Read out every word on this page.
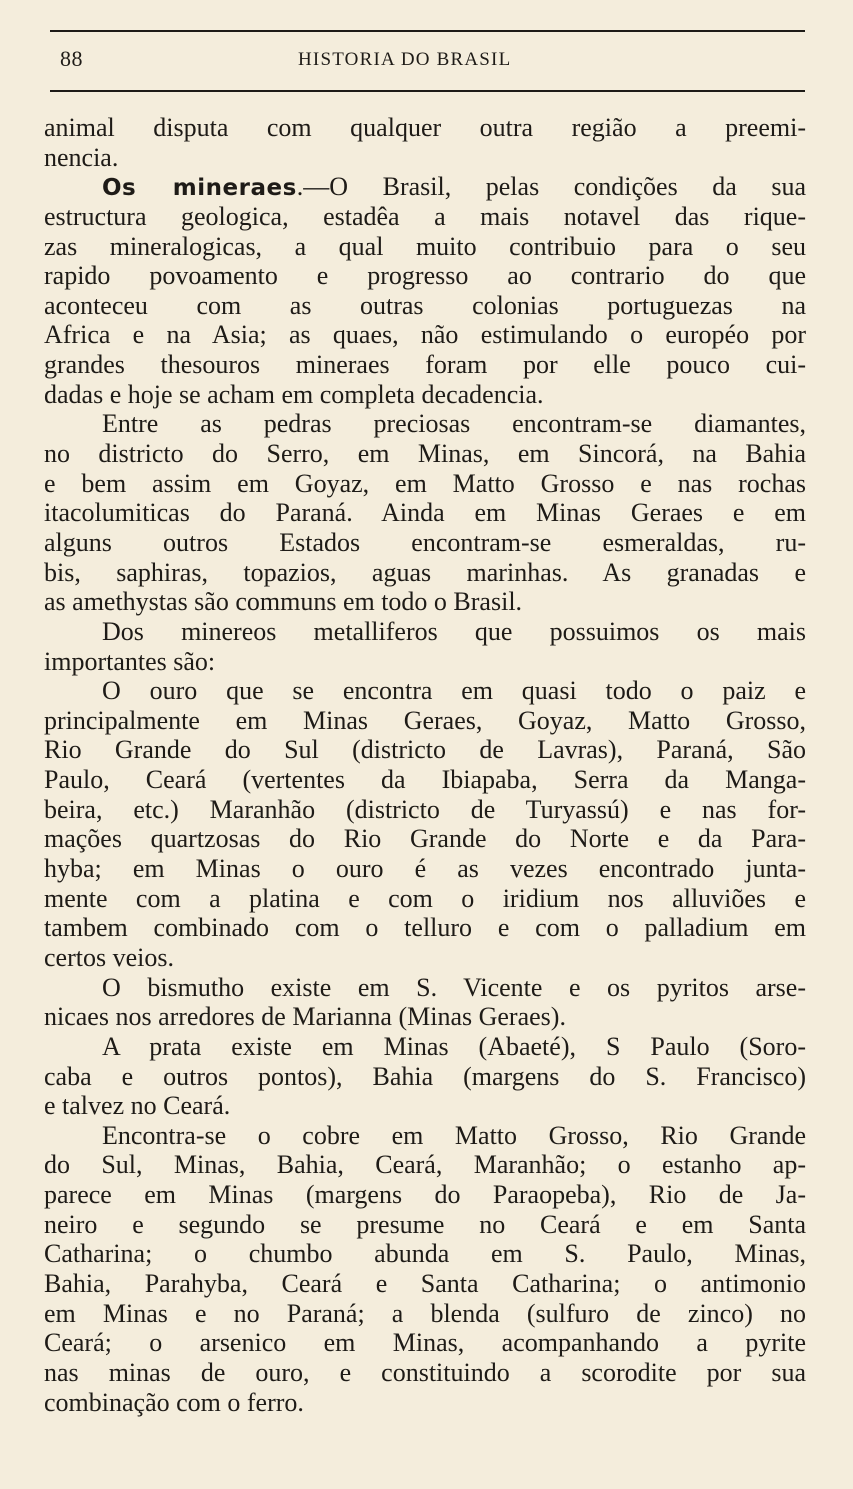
88	HISTORIA DO BRASIL
animal disputa com qualquer outra região a preemi-
nencia.
Os mineraes.—O Brasil, pelas condições da sua
estructura geologica, estadêa a mais notavel das rique-
zas mineralogicas, a qual muito contribuio para o seu
rapido povoamento e progresso ao contrario do que
aconteceu com as outras colonias portuguezas na
Africa e na Asia; as quaes, não estimulando o européo por
grandes thesouros mineraes foram por elle pouco cui-
dadas e hoje se acham em completa decadencia.
Entre as pedras preciosas encontram-se diamantes,
no districto do Serro, em Minas, em Sincorá, na Bahia
e bem assim em Goyaz, em Matto Grosso e nas rochas
itacolumiticas do Paraná. Ainda em Minas Geraes e em
alguns outros Estados encontram-se esmeraldas, ru-
bis, saphiras, topazios, aguas marinhas. As granadas e
as amethystas são communs em todo o Brasil.
Dos minereos metalliferos que possuimos os mais
importantes são:
O ouro que se encontra em quasi todo o paiz e
principalmente em Minas Geraes, Goyaz, Matto Grosso,
Rio Grande do Sul (districto de Lavras), Paraná, São
Paulo, Ceará (vertentes da Ibiapaba, Serra da Manga-
beira, etc.) Maranhão (districto de Turyassú) e nas for-
mações quartzosas do Rio Grande do Norte e da Para-
hyba; em Minas o ouro é as vezes encontrado junta-
mente com a platina e com o iridium nos alluviões e
tambem combinado com o telluro e com o palladium em
certos veios.
O bismutho existe em S. Vicente e os pyritos arse-
nicaes nos arredores de Marianna (Minas Geraes).
A prata existe em Minas (Abaeté), S Paulo (Soro-
caba e outros pontos), Bahia (margens do S. Francisco)
e talvez no Ceará.
Encontra-se o cobre em Matto Grosso, Rio Grande
do Sul, Minas, Bahia, Ceará, Maranhão; o estanho ap-
parece em Minas (margens do Paraopeba), Rio de Ja-
neiro e segundo se presume no Ceará e em Santa
Catharina; o chumbo abunda em S. Paulo, Minas,
Bahia, Parahyba, Ceará e Santa Catharina; o antimonio
em Minas e no Paraná; a blenda (sulfuro de zinco) no
Ceará; o arsenico em Minas, acompanhando a pyrite
nas minas de ouro, e constituindo a scorodite por sua
combinação com o ferro.
